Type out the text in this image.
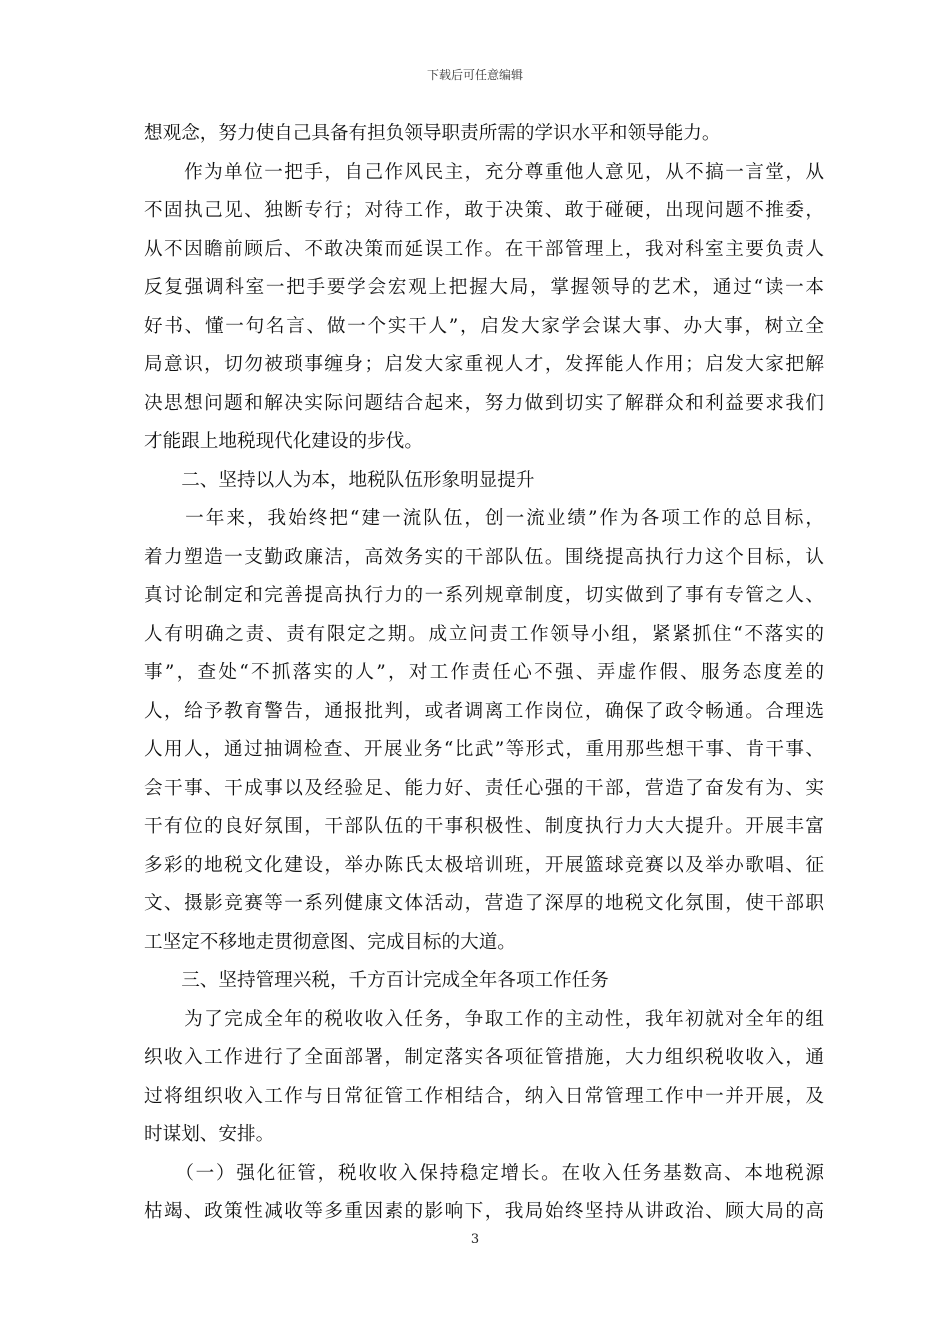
下载后可任意编辑
想观念，努力使自己具备有担负领导职责所需的学识水平和领导能力。
　　作为单位一把手，自己作风民主，充分尊重他人意见，从不搞一言堂，从
不固执己见、独断专行；对待工作，敢于决策、敢于碰硬，出现问题不推委，
从不因瞻前顾后、不敢决策而延误工作。在干部管理上，我对科室主要负责人
反复强调科室一把手要学会宏观上把握大局，掌握领导的艺术，通过“读一本
好书、懂一句名言、做一个实干人”，启发大家学会谋大事、办大事，树立全
局意识，切勿被琐事缠身；启发大家重视人才，发挥能人作用；启发大家把解
决思想问题和解决实际问题结合起来，努力做到切实了解群众和利益要求我们
才能跟上地税现代化建设的步伐。
　　二、坚持以人为本，地税队伍形象明显提升
　　一年来，我始终把“建一流队伍，创一流业绩”作为各项工作的总目标，
着力塑造一支勤政廉洁，高效务实的干部队伍。围绕提高执行力这个目标，认
真讨论制定和完善提高执行力的一系列规章制度，切实做到了事有专管之人、
人有明确之责、责有限定之期。成立问责工作领导小组，紧紧抓住“不落实的
事”，查处“不抓落实的人”，对工作责任心不强、弄虚作假、服务态度差的
人，给予教育警告，通报批判，或者调离工作岗位，确保了政令畅通。合理选
人用人，通过抽调检查、开展业务“比武”等形式，重用那些想干事、肯干事、
会干事、干成事以及经验足、能力好、责任心强的干部，营造了奋发有为、实
干有位的良好氛围，干部队伍的干事积极性、制度执行力大大提升。开展丰富
多彩的地税文化建设，举办陈氏太极培训班，开展篮球竞赛以及举办歌唱、征
文、摄影竞赛等一系列健康文体活动，营造了深厚的地税文化氛围，使干部职
工坚定不移地走贯彻意图、完成目标的大道。
　　三、坚持管理兴税，千方百计完成全年各项工作任务
　　为了完成全年的税收收入任务，争取工作的主动性，我年初就对全年的组
织收入工作进行了全面部署，制定落实各项征管措施，大力组织税收收入，通
过将组织收入工作与日常征管工作相结合，纳入日常管理工作中一并开展，及
时谋划、安排。
　　（一）强化征管，税收收入保持稳定增长。在收入任务基数高、本地税源
枯竭、政策性减收等多重因素的影响下，我局始终坚持从讲政治、顾大局的高
3
